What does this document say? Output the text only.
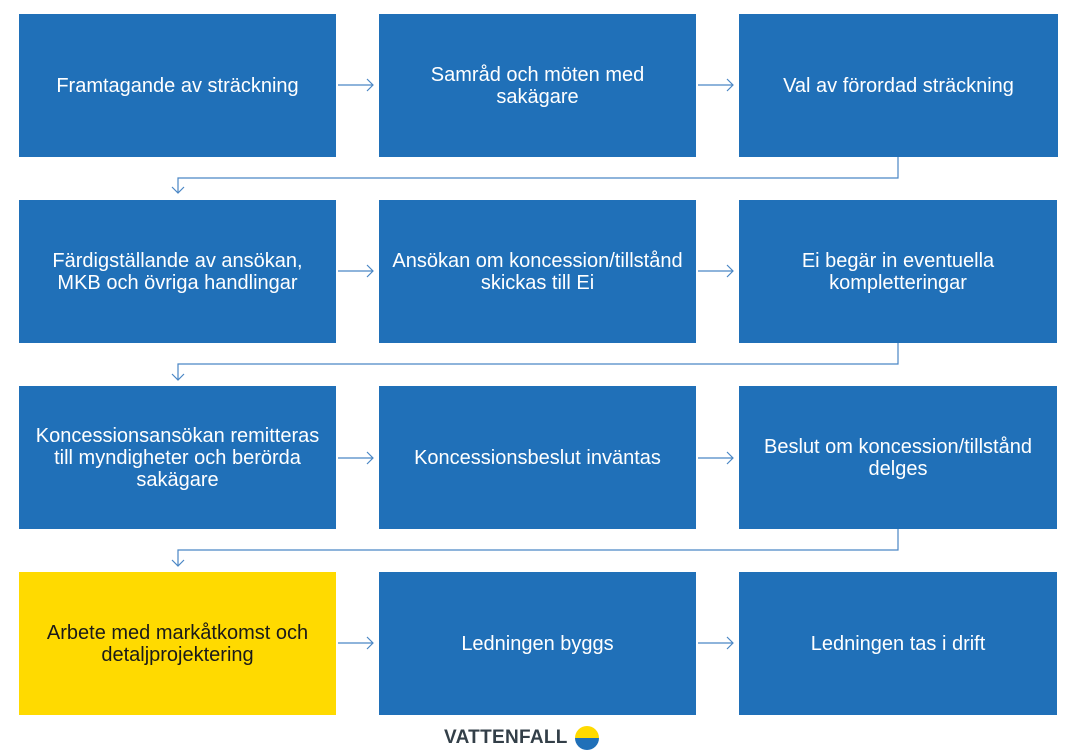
Framtagande av sträckning	Samråd och möten med sakägare	Val av förordad sträckning
Färdigställande av ansökan, MKB och övriga handlingar
Ansökan om koncession/tillstånd skickas till Ei
Ei begär in eventuella kompletteringar
Koncessionsansökan remitteras till myndigheter och berörda sakägare
Koncessionsbeslut inväntas	Beslut om koncession/tillstånd delges
Arbete med markåtkomst och detaljprojektering	Ledningen byggs	Ledningen tas i drift
VATTENFALL
